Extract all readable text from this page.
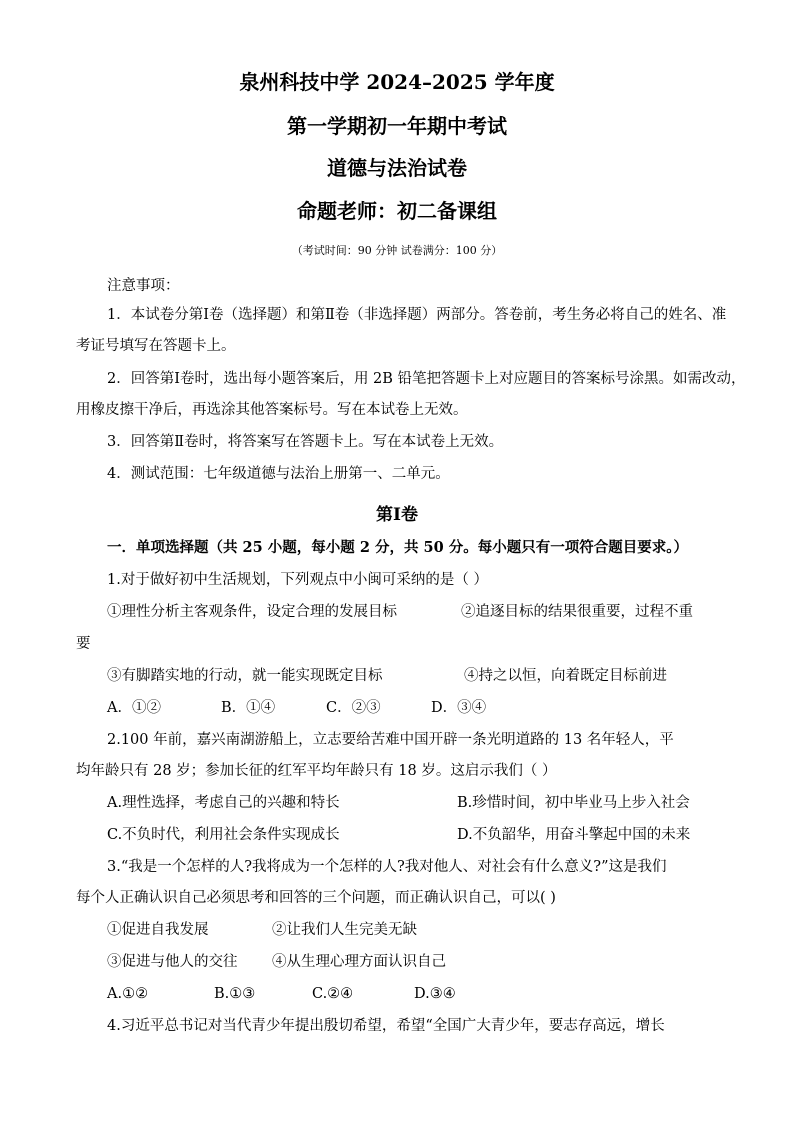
泉州科技中学 2024–2025 学年度
第一学期初一年期中考试
道德与法治试卷
命题老师：初二备课组
（考试时间：90 分钟 试卷满分：100 分）
注意事项：
1．本试卷分第Ⅰ卷（选择题）和第Ⅱ卷（非选择题）两部分。答卷前，考生务必将自己的姓名、准
考证号填写在答题卡上。
2．回答第Ⅰ卷时，选出每小题答案后，用 2B 铅笔把答题卡上对应题目的答案标号涂黑。如需改动，
用橡皮擦干净后，再选涂其他答案标号。写在本试卷上无效。
3．回答第Ⅱ卷时，将答案写在答题卡上。写在本试卷上无效。
4．测试范围：七年级道德与法治上册第一、二单元。
第Ⅰ卷
一．单项选择题（共 25 小题，每小题 2 分，共 50 分。每小题只有一项符合题目要求。）
1.对于做好初中生活规划，下列观点中小闽可采纳的是（ ）
①理性分析主客观条件，设定合理的发展目标	②追逐目标的结果很重要，过程不重
要
③有脚踏实地的行动，就一能实现既定目标	④持之以恒，向着既定目标前进
A．①②	B．①④	C．②③	D．③④
2.100 年前，嘉兴南湖游船上，立志要给苦难中国开辟一条光明道路的 13 名年轻人，平
均年龄只有 28 岁；参加长征的红军平均年龄只有 18 岁。这启示我们（ ）
A.理性选择，考虑自己的兴趣和特长	B.珍惜时间，初中毕业马上步入社会
C.不负时代，利用社会条件实现成长	D.不负韶华，用奋斗擎起中国的未来
3.“我是一个怎样的人?我将成为一个怎样的人?我对他人、对社会有什么意义?”这是我们
每个人正确认识自己必须思考和回答的三个问题，而正确认识自己，可以( )
①促进自我发展	②让我们人生完美无缺
③促进与他人的交往 ④从生理心理方面认识自己
A.①②	B.①③	C.②④	D.③④
4.习近平总书记对当代青少年提出殷切希望，希望“全国广大青少年，要志存高远，增长
